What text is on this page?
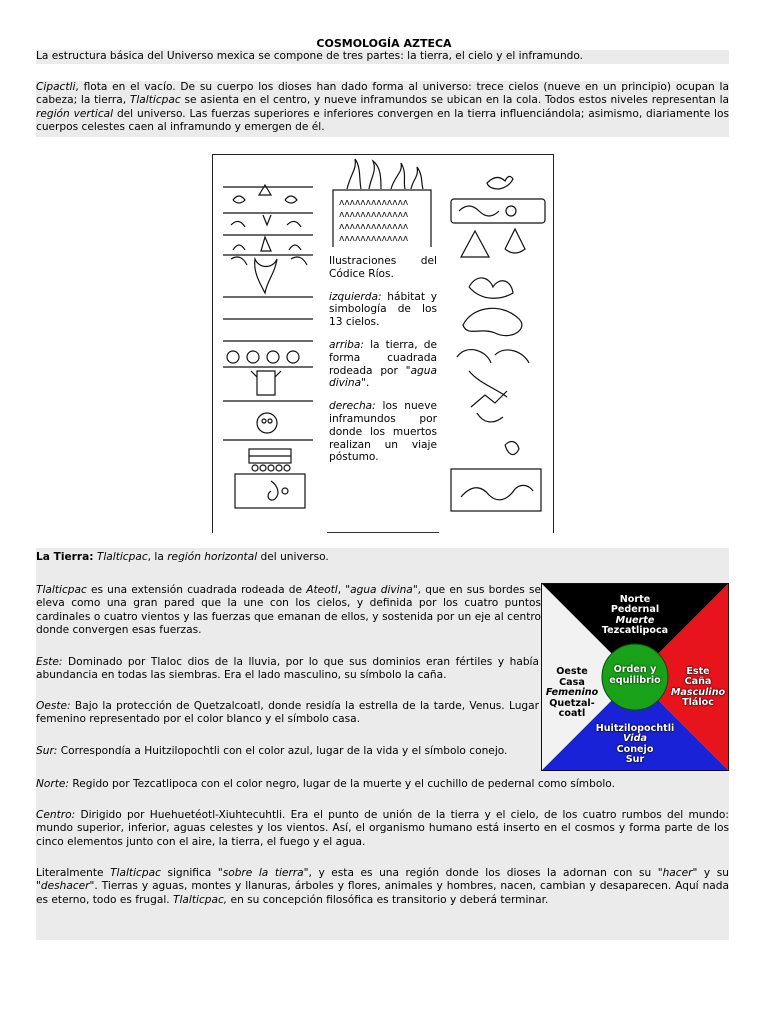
COSMOLOGÍA AZTECA
La estructura básica del Universo mexica se compone de tres partes: la tierra, el cielo y el inframundo.
Cipactli, flota en el vacío. De su cuerpo los dioses han dado forma al universo: trece cielos (nueve en un principio) ocupan la cabeza; la tierra, Tlalticpac se asienta en el centro, y nueve inframundos se ubican en la cola. Todos estos niveles representan la región vertical del universo. Las fuerzas superiores e inferiores convergen en la tierra influenciándola; asimismo, diariamente los cuerpos celestes caen al inframundo y emergen de él.
ʌʌʌʌʌʌʌʌʌʌʌʌʌ
ʌʌʌʌʌʌʌʌʌʌʌʌʌ
ʌʌʌʌʌʌʌʌʌʌʌʌʌ
ʌʌʌʌʌʌʌʌʌʌʌʌʌ

Ilustraciones del Códice Ríos.

izquierda: hábitat y simbología de los 13 cielos.

arriba: la tierra, de forma cuadrada rodeada por "agua divina".

derecha: los nueve inframundos por donde los muertos realizan un viaje póstumo.

La Tierra: Tlalticpac, la región horizontal del universo.
Tlalticpac es una extensión cuadrada rodeada de Ateotl, "agua divina", que en sus bordes se eleva como una gran pared que la une con los cielos, y definida por los cuatro puntos cardinales o cuatro vientos y las fuerzas que emanan de ellos, y sostenida por un eje al centro donde convergen esas fuerzas.
Este: Dominado por Tlaloc dios de la lluvia, por lo que sus dominios eran fértiles y había abundancia en todas las siembras. Era el lado masculino, su símbolo la caña.
Oeste: Bajo la protección de Quetzalcoatl, donde residía la estrella de la tarde, Venus. Lugar femenino representado por el color blanco y el símbolo casa.
Sur: Correspondía a Huitzilopochtli con el color azul, lugar de la vida y el símbolo conejo.
Norte: Regido por Tezcatlipoca con el color negro, lugar de la muerte y el cuchillo de pedernal como símbolo.
Centro: Dirigido por Huehuetéotl-Xiuhtecuhtli. Era el punto de unión de la tierra y el cielo, de los cuatro rumbos del mundo: mundo superior, inferior, aguas celestes y los vientos. Así, el organismo humano está inserto en el cosmos y forma parte de los cinco elementos junto con el aire, la tierra, el fuego y el agua.
Literalmente Tlalticpac significa "sobre la tierra", y esta es una región donde los dioses la adornan con su "hacer" y su "deshacer". Tierras y aguas, montes y llanuras, árboles y flores, animales y hombres, nacen, cambian y desaparecen. Aquí nada es eterno, todo es frugal. Tlalticpac, en su concepción filosófica es transitorio y deberá terminar.
Norte
Pedernal
Muerte
Tezcatlipoca
Este
Caña
Masculino
Tláloc
Huitzilopochtli
Vida
Conejo
Sur
Oeste
Casa
Femenino
Quetzal-
coatl
Orden y
equilibrio
